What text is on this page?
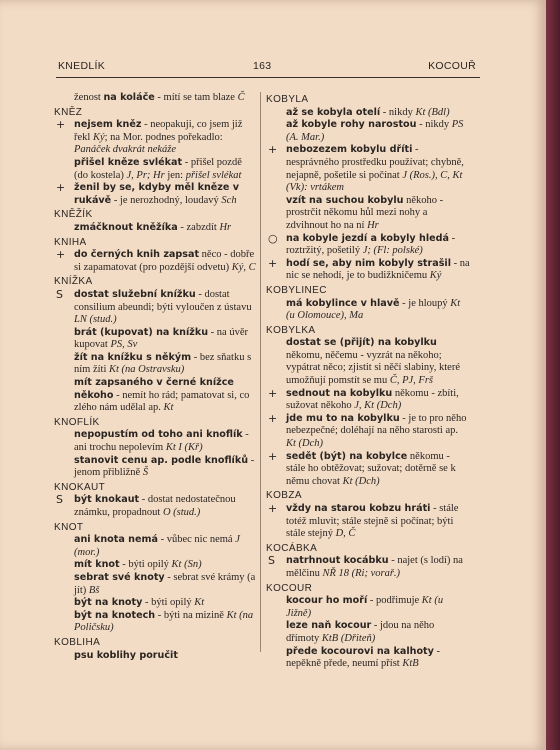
KNEDLÍK	163	KOCOUŘ
ženost na koláče - mítí se tam blaze Č
KNĚZ
+ nejsem kněz - neopakuji, co jsem již řekl Ký; na Mor. podnes pořekadlo: Panáček dvakrát nekáže
přišel kněze svlékat - přišel pozdě (do kostela) J, Pr; Hr jen: přišel svlékat
+ ženil by se, kdyby měl kněze v rukávě - je nerozhodný, loudavý Sch
KNĚŽÍK
zmáčknout kněžíka - zabzdít Hr
KNIHA
+ do černých knih zapsat něco - dobře si zapamatovat (pro pozdější odvetu) Ký, C
KNÍŽKA
S dostat služební knížku - dostat consilium abeundi; býti vyloučen z ústavu LN (stud.)
brát (kupovat) na knížku - na úvěr kupovat PS, Sv
žít na knížku s někým - bez sňatku s ním žíti Kt (na Ostravsku)
mít zapsaného v černé knížce někoho - nemít ho rád; pamatovat si, co zlého nám udělal ap. Kt
KNOFLÍK
nepopustím od toho ani knoflík - ani trochu nepolevím Kt I (Kř)
stanovit cenu ap. podle knoflíků - jenom přibližně Š
KNOKAUT
S být knokaut - dostat nedostatečnou známku, propadnout O (stud.)
KNOT
ani knota nemá - vůbec nic nemá J (mor.)
mít knot - býti opilý Kt (Sn)
sebrat své knoty - sebrat své krámy (a jít) Bš
být na knoty - býti opilý Kt
být na knotech - býti na mizině Kt (na Poličsku)
KOBLIHA
psu koblihy poručit
KOBYLA
až se kobyla otelí - nikdy Kt (Bdl)
až kobyle rohy narostou - nikdy PS (A. Mar.)
+ nebozezem kobylu dříti - nesprávného prostředku používat; chybně, nejapně, pošetile si počínat J (Ros.), C, Kt (Vk): vrtákem
vzít na suchou kobylu někoho - prostrčit někomu hůl mezi nohy a zdvihnout ho na ní Hr
○ na kobyle jezdí a kobyly hledá - roztržitý, pošetilý J; (Fl: polské)
+ hodí se, aby nim kobyly strašil - na nic se nehodí, je to budižkničemu Ký
KOBYLINEC
má kobylince v hlavě - je hloupý Kt (u Olomouce), Ma
KOBYLKA
dostat se (přijít) na kobylku někomu, něčemu - vyzrát na někoho; vypátrat něco; zjistit si něčí slabiny, které umožňují pomstít se mu Č, PJ, Frš
+ sednout na kobylku někomu - zbíti, sužovat někoho J, Kt (Dch)
+ jde mu to na kobylku - je to pro něho nebezpečné; doléhají na něho starosti ap. Kt (Dch)
+ sedět (být) na kobylce někomu - stále ho obtěžovat; sužovat; dotěrně se k němu chovat Kt (Dch)
KOBZA
+ vždy na starou kobzu hráti - stále totéž mluvit; stále stejně si počínat; býti stále stejný D, Č
KOCÁBKA
S natrhnout kocábku - najet (s lodí) na mělčinu NŘ 18 (Ri; vorař.)
KOCOUR
kocour ho moří - podřimuje Kt (u Jižně)
leze naň kocour - jdou na něho dřímoty KtB (Dřiteň)
přede kocourovi na kalhoty - nepěkně přede, neumí příst KtB
